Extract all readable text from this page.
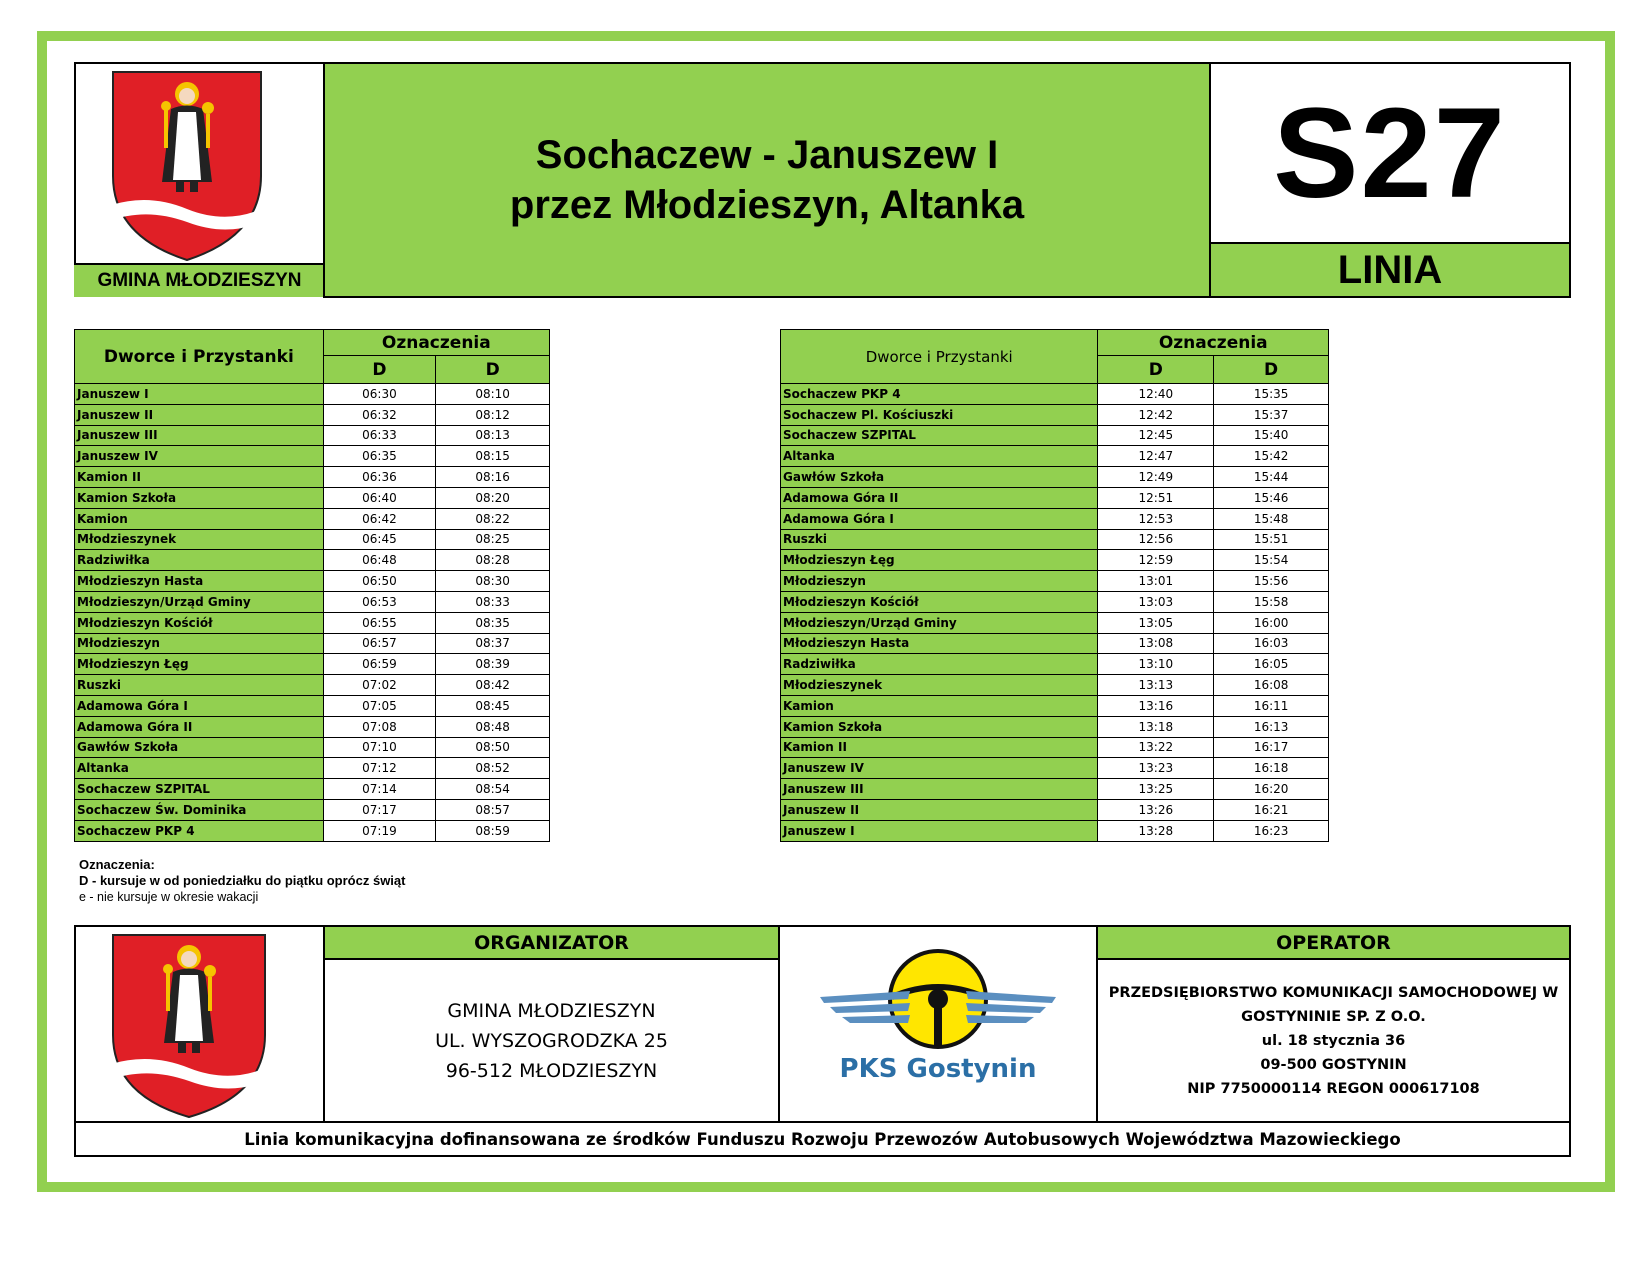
GMINA MŁODZIESZYN
Sochaczew - Januszew I
przez Młodzieszyn, Altanka	S27
LINIA
Dworce i Przystanki	Oznaczenia	
	D	D
Januszew I	06:30	08:10
Januszew II	06:32	08:12
Januszew III	06:33	08:13
Januszew IV	06:35	08:15
Kamion II	06:36	08:16
Kamion Szkoła	06:40	08:20
Kamion	06:42	08:22
Młodzieszynek	06:45	08:25
Radziwiłka	06:48	08:28
Młodzieszyn Hasta	06:50	08:30
Młodzieszyn/Urząd Gminy	06:53	08:33
Młodzieszyn Kościół	06:55	08:35
Młodzieszyn	06:57	08:37
Młodzieszyn Łęg	06:59	08:39
Ruszki	07:02	08:42
Adamowa Góra I	07:05	08:45
Adamowa Góra II	07:08	08:48
Gawłów Szkoła	07:10	08:50
Altanka	07:12	08:52
Sochaczew SZPITAL	07:14	08:54
Sochaczew Św. Dominika	07:17	08:57
Sochaczew PKP 4	07:19	08:59
Dworce i Przystanki	Oznaczenia	
	D	D
Sochaczew PKP 4	12:40	15:35
Sochaczew Pl. Kościuszki	12:42	15:37
Sochaczew SZPITAL	12:45	15:40
Altanka	12:47	15:42
Gawłów Szkoła	12:49	15:44
Adamowa Góra II	12:51	15:46
Adamowa Góra I	12:53	15:48
Ruszki	12:56	15:51
Młodzieszyn Łęg	12:59	15:54
Młodzieszyn	13:01	15:56
Młodzieszyn Kościół	13:03	15:58
Młodzieszyn/Urząd Gminy	13:05	16:00
Młodzieszyn Hasta	13:08	16:03
Radziwiłka	13:10	16:05
Młodzieszynek	13:13	16:08
Kamion	13:16	16:11
Kamion Szkoła	13:18	16:13
Kamion II	13:22	16:17
Januszew IV	13:23	16:18
Januszew III	13:25	16:20
Januszew II	13:26	16:21
Januszew I	13:28	16:23
Oznaczenia:
D - kursuje w od poniedziałku do piątku oprócz świąt
e - nie kursuje w okresie wakacji
ORGANIZATOR
GMINA MŁODZIESZYN
UL. WYSZOGRODZKA 25
96-512 MŁODZIESZYN	PKS Gostynin
OPERATOR
PRZEDSIĘBIORSTWO KOMUNIKACJI SAMOCHODOWEJ W
GOSTYNINIE SP. Z O.O.
ul. 18 stycznia 36
09-500 GOSTYNIN
NIP 7750000114 REGON 000617108
Linia komunikacyjna dofinansowana ze środków Funduszu Rozwoju Przewozów Autobusowych Województwa Mazowieckiego
